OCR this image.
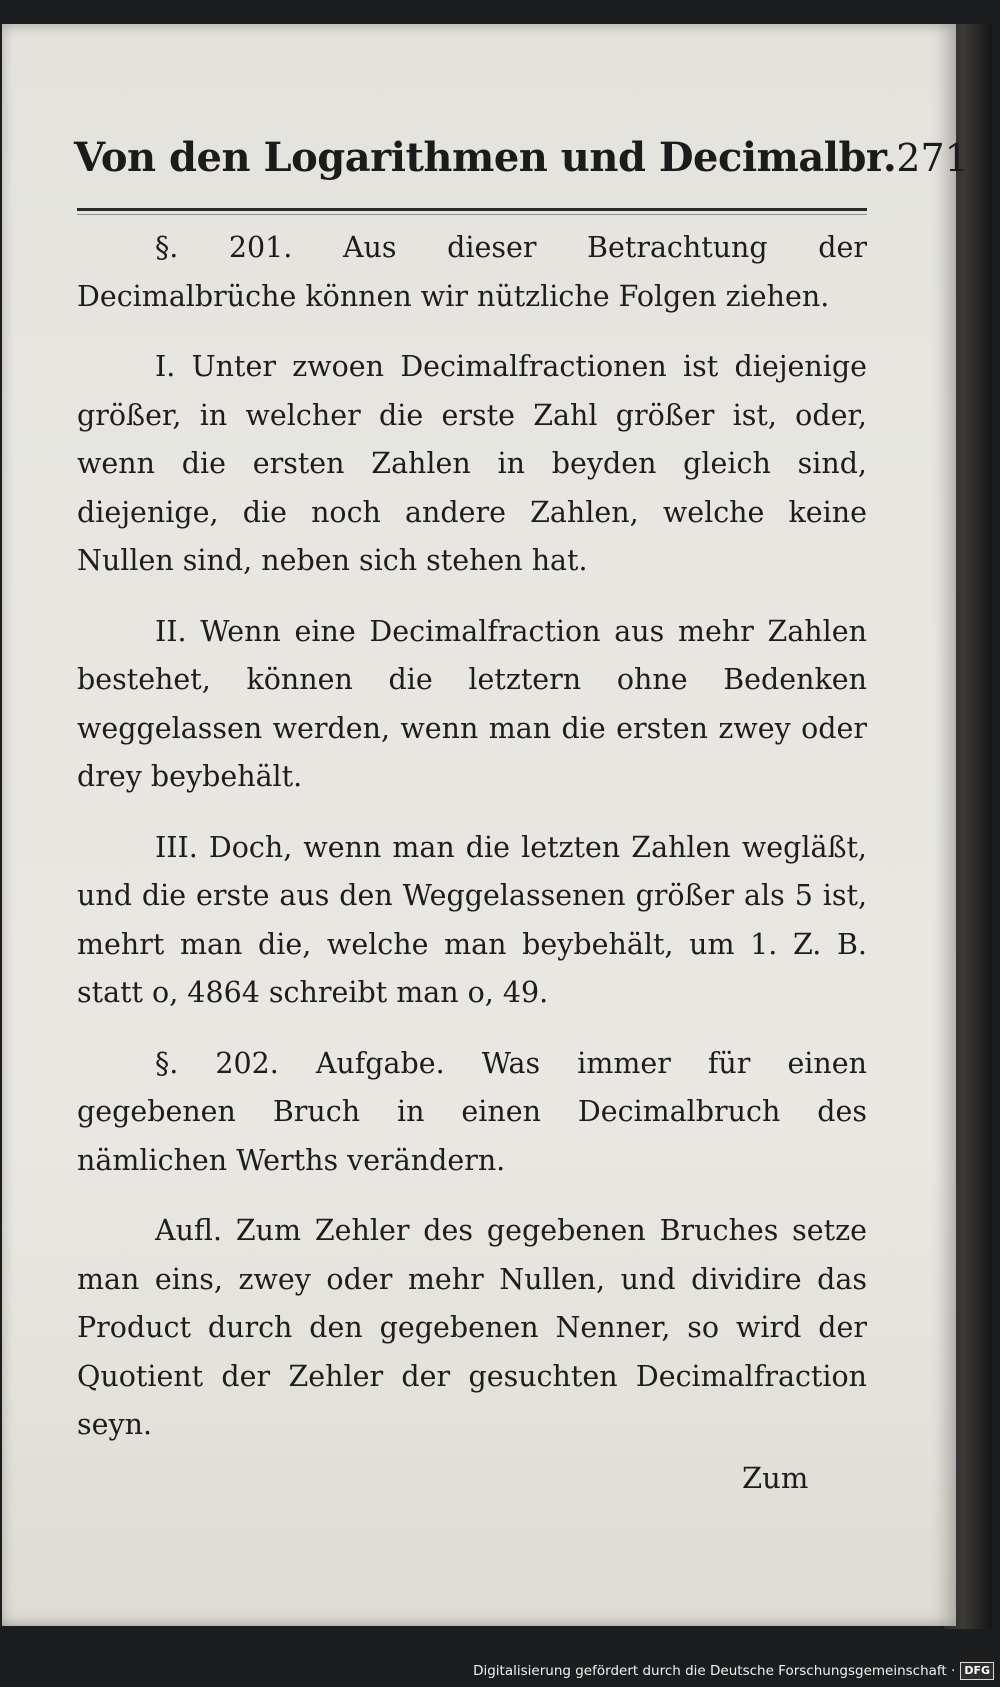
Von den Logarithmen und Decimalbr. 271

§. 201. Aus dieser Betrachtung der Decimalbrüche können wir nützliche Folgen ziehen.

I. Unter zwoen Decimalfractionen ist diejenige größer, in welcher die erste Zahl größer ist, oder, wenn die ersten Zahlen in beyden gleich sind, diejenige, die noch andere Zahlen, welche keine Nullen sind, neben sich stehen hat.

II. Wenn eine Decimalfraction aus mehr Zahlen bestehet, können die letztern ohne Bedenken weggelassen werden, wenn man die ersten zwey oder drey beybehält.

III. Doch, wenn man die letzten Zahlen wegläßt, und die erste aus den Weggelassenen größer als 5 ist, mehrt man die, welche man beybehält, um 1. Z. B. statt o, 4864 schreibt man o, 49.

§. 202. Aufgabe. Was immer für einen gegebenen Bruch in einen Decimalbruch des nämlichen Werths verändern.

Aufl. Zum Zehler des gegebenen Bruches setze man eins, zwey oder mehr Nullen, und dividire das Product durch den gegebenen Nenner, so wird der Quotient der Zehler der gesuchten Decimalfraction seyn.

Zum
Digitalisierung gefördert durch die Deutsche Forschungsgemeinschaft · DFG
